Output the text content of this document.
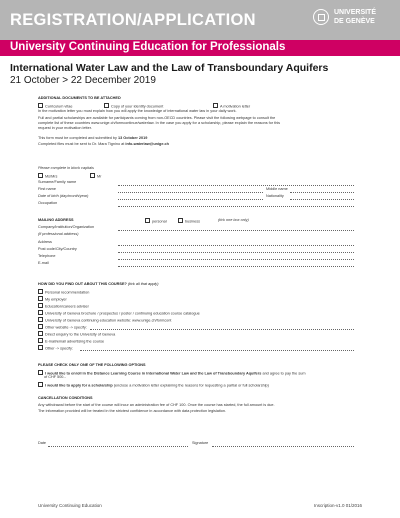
REGISTRATION/APPLICATION	UNIVERSITÉ
DE GENÈVE
University Continuing Education for Professionals
International Water Law and the Law of Transboundary Aquifers
21 October > 22 December 2019
ADDITIONAL DOCUMENTS TO BE ATTACHED
Curriculum vitae	Copy of your identity document	A motivation letter
In the motivation letter you must explain how you will apply the knowledge of international water law in your daily work.
Full and partial scholarships are available for participants coming from non-OECD countries. Please visit the following webpage to consult the
complete list of these countries www.unige.ch/formcontinue/waterlaw. In the case you apply for a scholarship, please explain the reasons for this
request in your motivation letter.
This form must be completed and submitted by 13 October 2019
Completed files must be sent to Dr. Mara Tignino at info-waterlaw@unige.ch
Please complete in block capitals
Ms/Mrs	Mr
Surname/Family name
First name	Middle name
Date of birth (day/month/year)	Nationality
Occupation
MAILING ADDRESS	personal	business	(tick one box only)
Company/Institution/Organization
(if professional address)
Address
Post code/City/Country
Telephone
E-mail
HOW DID YOU FIND OUT ABOUT THIS COURSE? (tick all that apply)
Personal recommendation
My employer
Education/careers adviser
University of Geneva brochure / prospectus / poster / continuing education course catalogue
University of Geneva continuing education website: www.unige.ch/formcont
Other website -> specify:
Direct enquiry to the University of Geneva
E-mail/email advertising the course
Other -> specify:
PLEASE CHECK ONLY ONE OF THE FOLLOWING OPTIONS
I would like to enroll in the Distance Learning Course in International Water Law and the Law of Transboundary Aquifers and agree to pay the sum
of CHF 500.-
I would like to apply for a scholarship (enclose a motivation letter explaining the reasons for requesting a partial or full scholarship)
CANCELLATION CONDITIONS
Any withdrawal before the start of the course will incur an administration fee of CHF 100. Once the course has started, the full amount is due.
The information provided will be treated in the strictest confidence in accordance with data protection legislation.
Date	Signature
University Continuing Education	Inscription-v1.0 01/2016
